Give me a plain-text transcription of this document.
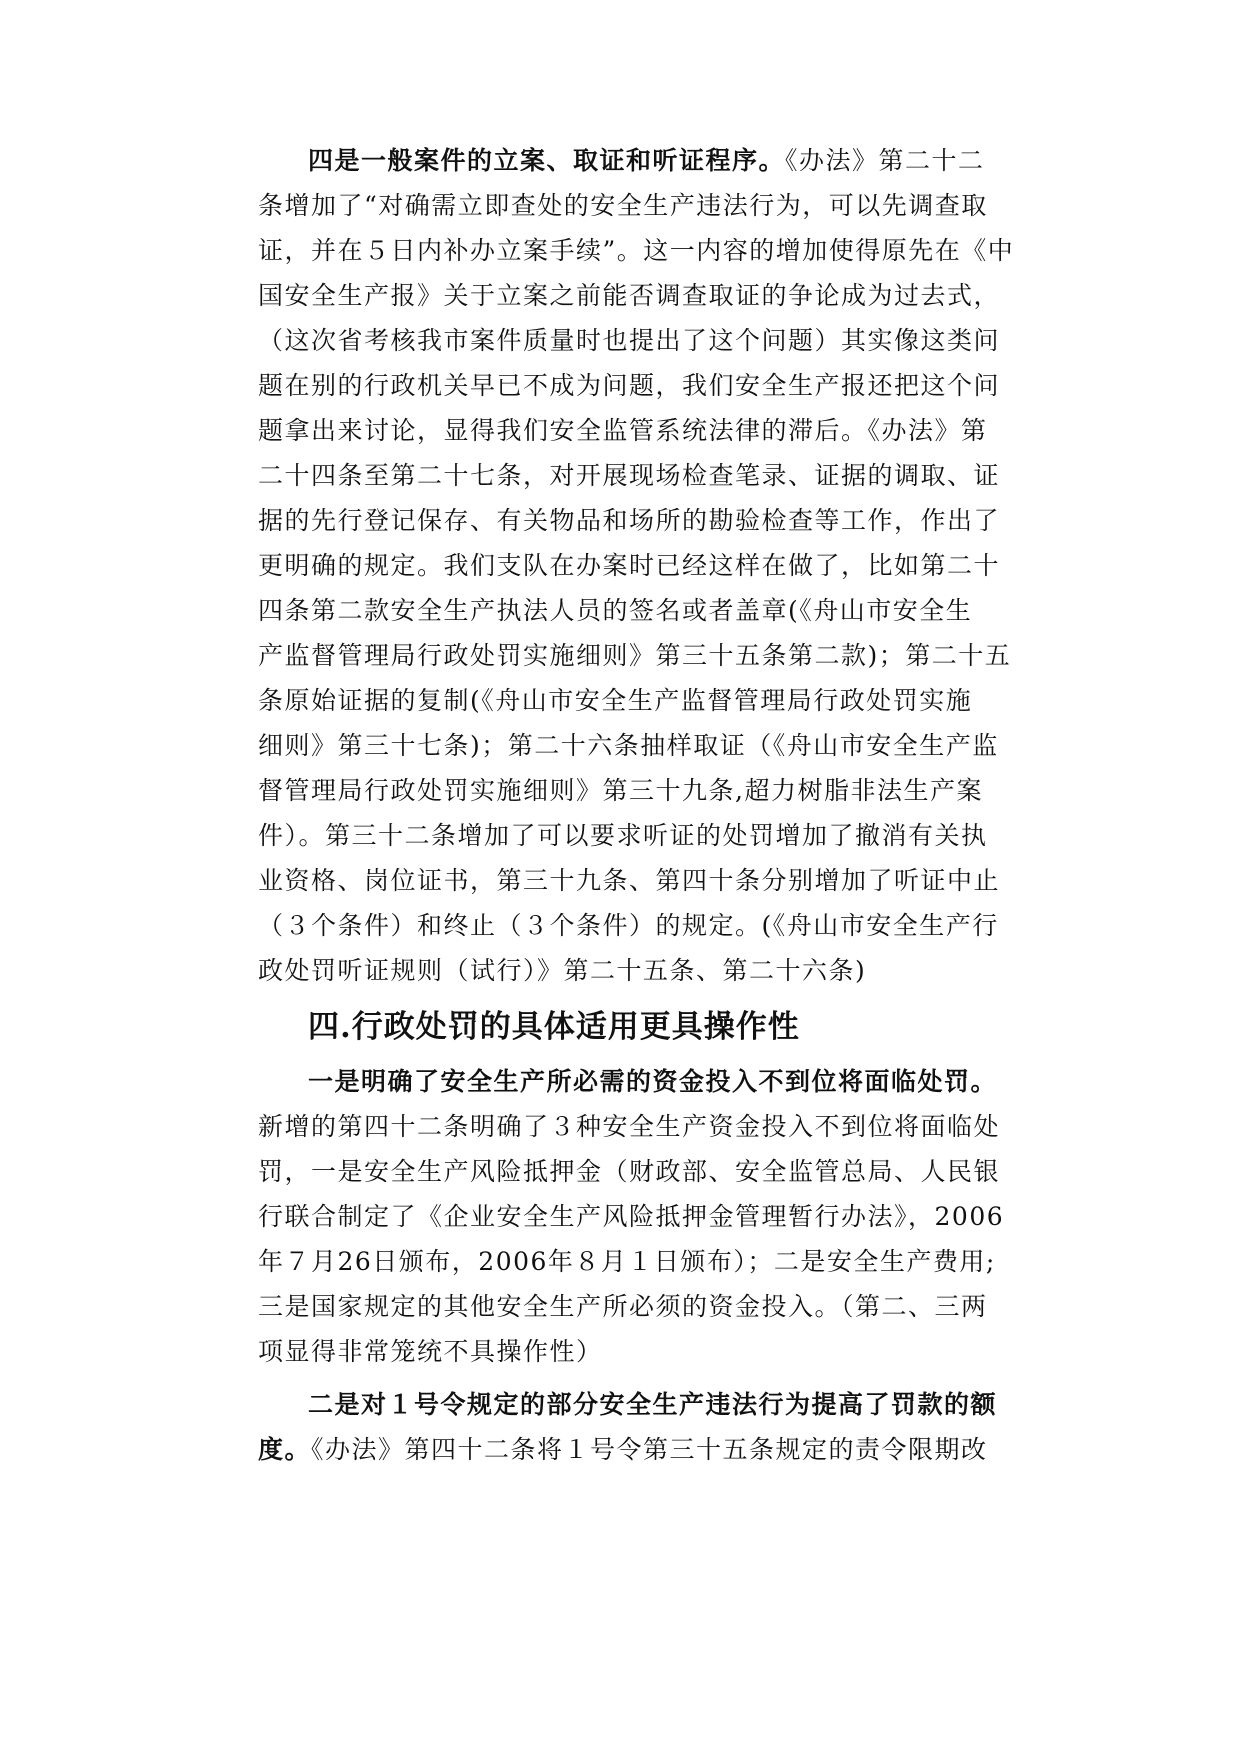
四是一般案件的立案、取证和听证程序。《办法》第二十二
条增加了“对确需立即查处的安全生产违法行为，可以先调查取
证，并在５日内补办立案手续”。这一内容的增加使得原先在《中
国安全生产报》关于立案之前能否调查取证的争论成为过去式，
（这次省考核我市案件质量时也提出了这个问题）其实像这类问
题在别的行政机关早已不成为问题，我们安全生产报还把这个问
题拿出来讨论，显得我们安全监管系统法律的滞后。《办法》第
二十四条至第二十七条，对开展现场检查笔录、证据的调取、证
据的先行登记保存、有关物品和场所的勘验检查等工作，作出了
更明确的规定。我们支队在办案时已经这样在做了，比如第二十
四条第二款安全生产执法人员的签名或者盖章(《舟山市安全生
产监督管理局行政处罚实施细则》第三十五条第二款)；第二十五
条原始证据的复制(《舟山市安全生产监督管理局行政处罚实施
细则》第三十七条)；第二十六条抽样取证（《舟山市安全生产监
督管理局行政处罚实施细则》第三十九条,超力树脂非法生产案
件）。第三十二条增加了可以要求听证的处罚增加了撤消有关执
业资格、岗位证书，第三十九条、第四十条分别增加了听证中止
（３个条件）和终止（３个条件）的规定。(《舟山市安全生产行
政处罚听证规则（试行）》第二十五条、第二十六条)
四.行政处罚的具体适用更具操作性
一是明确了安全生产所必需的资金投入不到位将面临处罚。
新增的第四十二条明确了３种安全生产资金投入不到位将面临处
罚，一是安全生产风险抵押金（财政部、安全监管总局、人民银
行联合制定了《企业安全生产风险抵押金管理暂行办法》，2006
年７月26日颁布，2006年８月１日颁布）；二是安全生产费用;
三是国家规定的其他安全生产所必须的资金投入。（第二、三两
项显得非常笼统不具操作性）
二是对１号令规定的部分安全生产违法行为提高了罚款的额
度。《办法》第四十二条将１号令第三十五条规定的责令限期改
